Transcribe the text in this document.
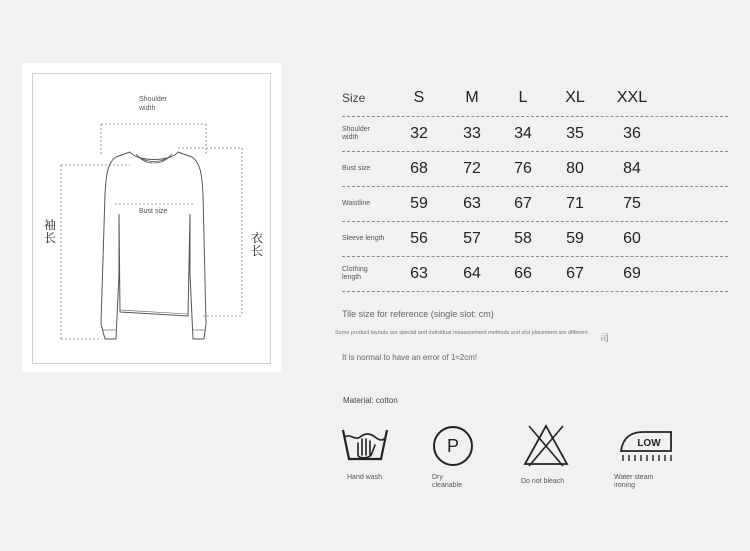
Shoulder width
Bust size
袖长	衣长
Size	S	M L XL XXL
Shoulder width	32 33 34 35 36
Bust size	68 72 76 80 84
Waistline	59 63 67 71 75
Sleeve length 56 57 58 59 60
Clothing length	63 64 66 67 69
Tile size for reference (single slot: cm)
Some product layouts are special and individual measurement methods and slot placement are different
司
It is normal to have an error of 1≈2cm!
Material: cotton
Hand wash
P
Dry cleanable
Do not bleach
LOW
Water steam ironing
